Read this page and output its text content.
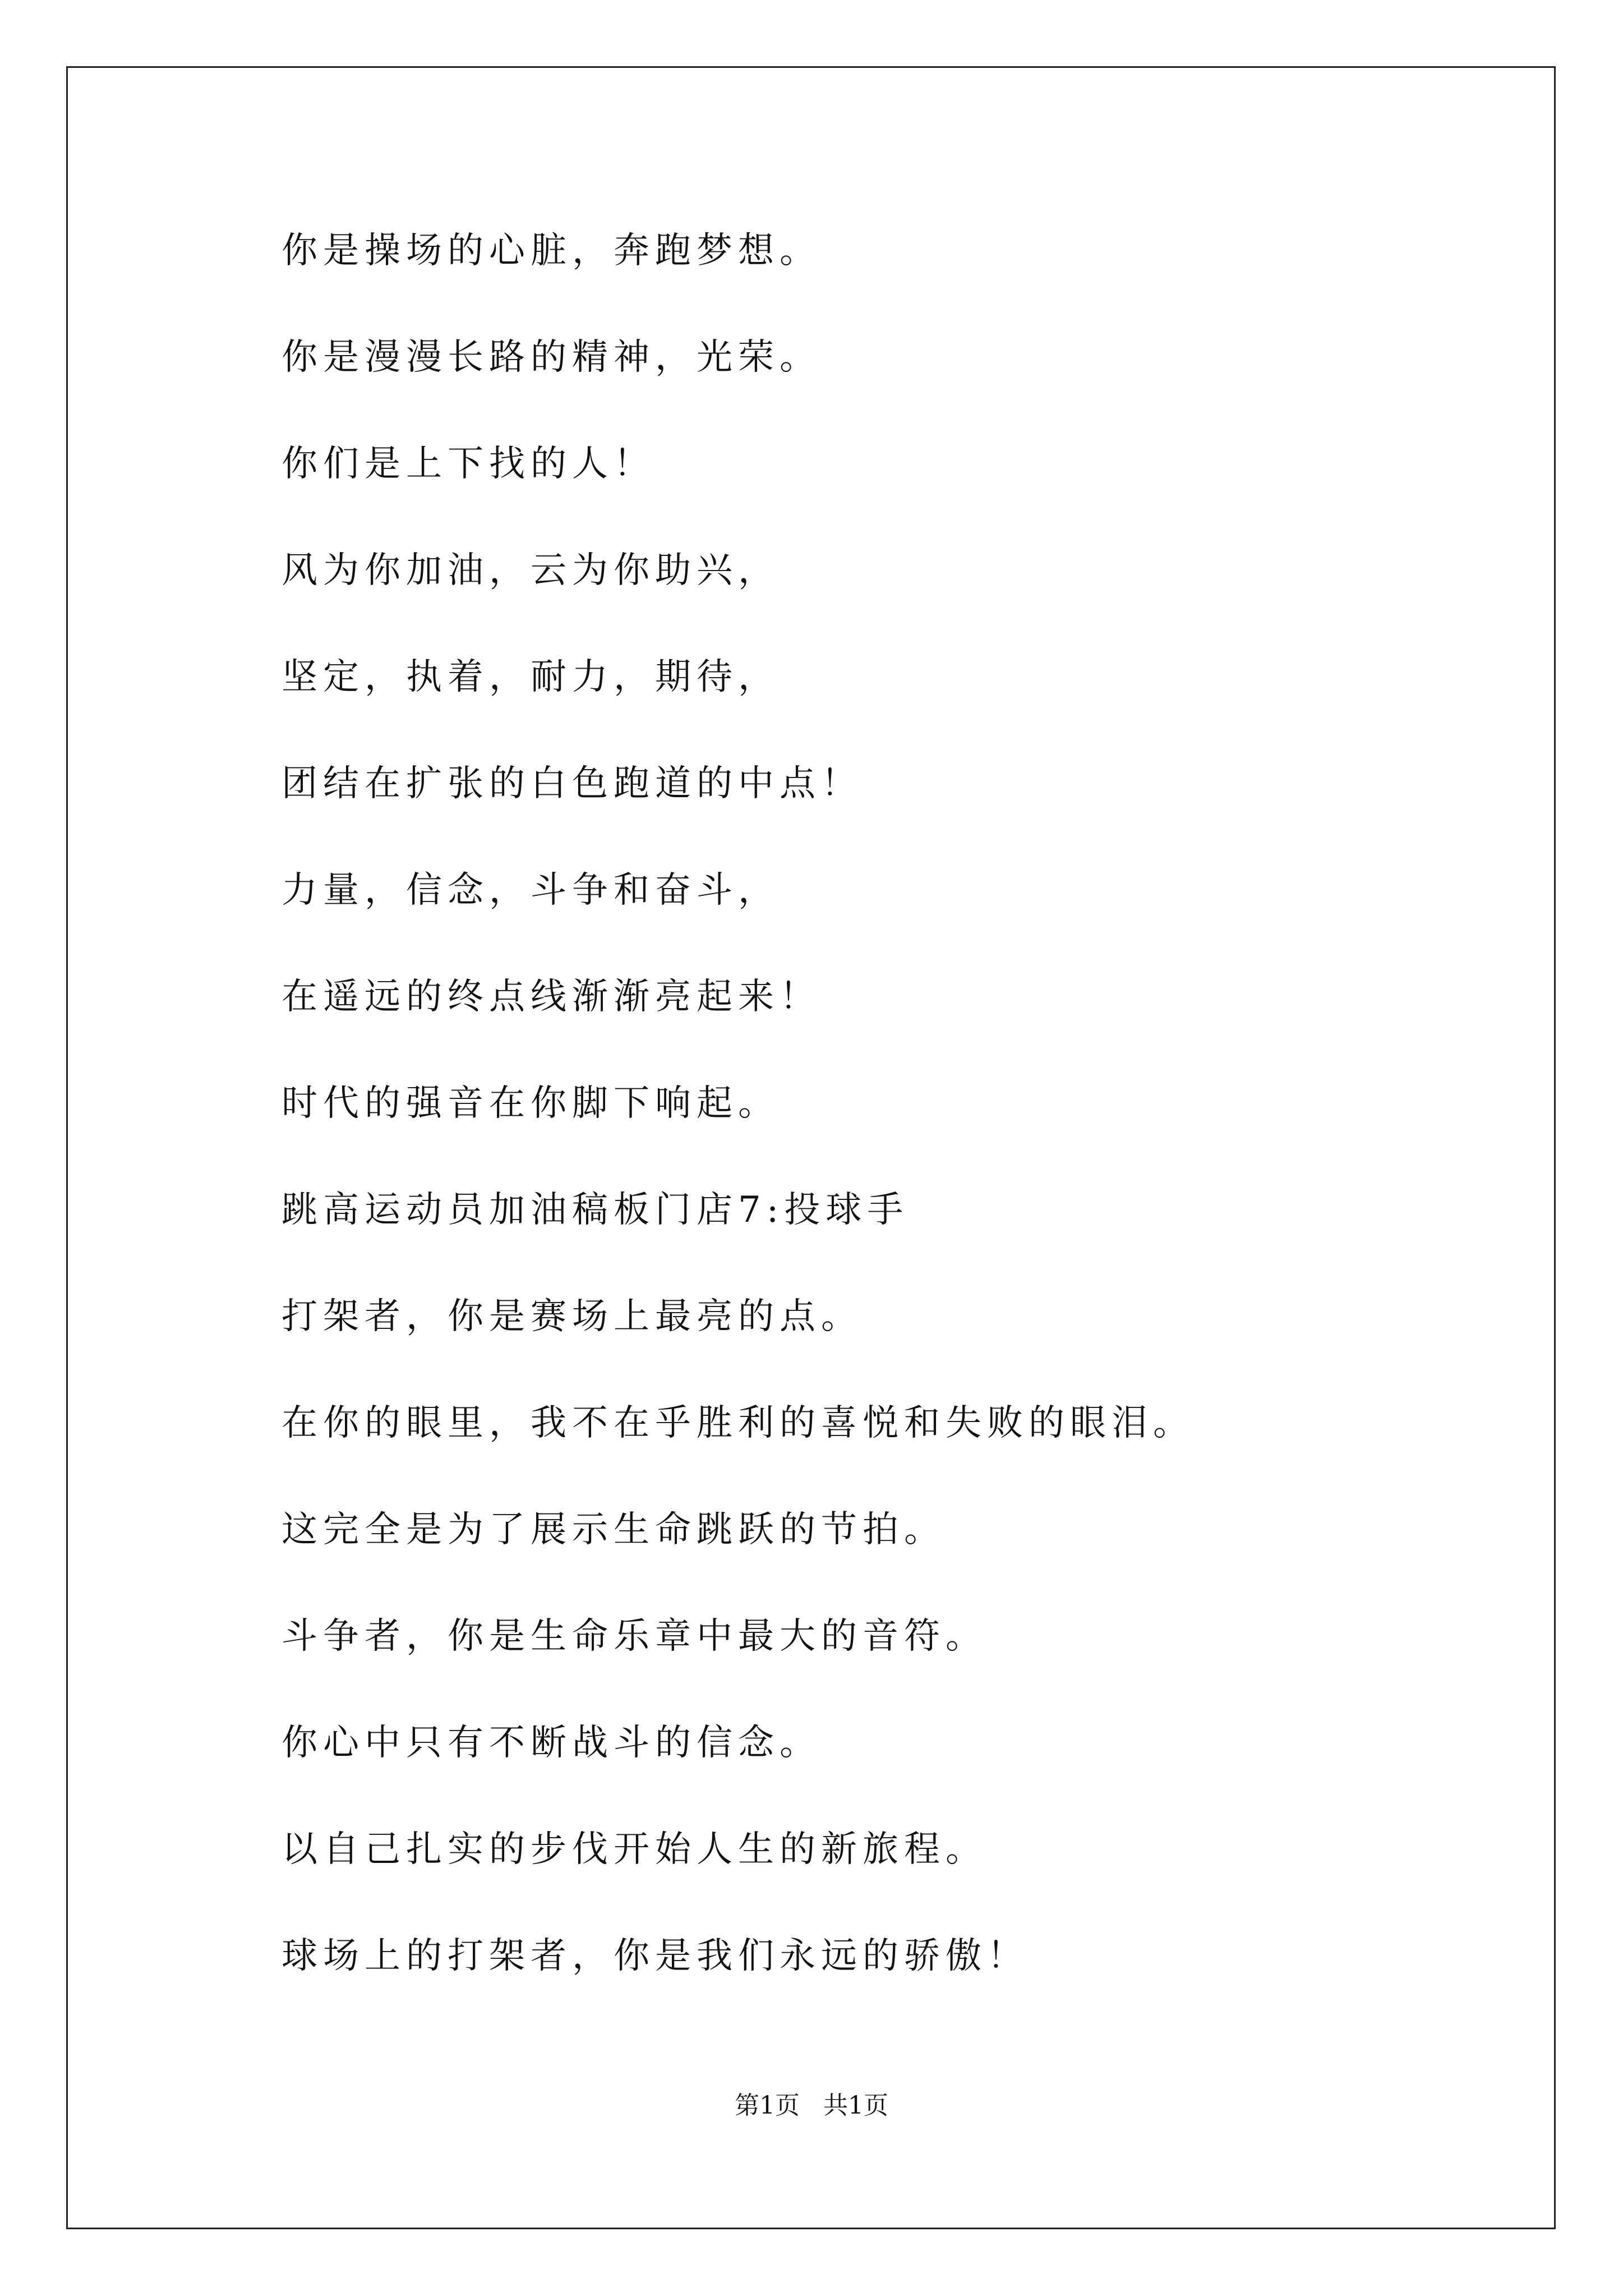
你是操场的心脏，奔跑梦想。
你是漫漫长路的精神，光荣。
你们是上下找的人！
风为你加油，云为你助兴，
坚定，执着，耐力，期待，
团结在扩张的白色跑道的中点！
力量，信念，斗争和奋斗，
在遥远的终点线渐渐亮起来！
时代的强音在你脚下响起。
跳高运动员加油稿板门店7:投球手
打架者，你是赛场上最亮的点。
在你的眼里，我不在乎胜利的喜悦和失败的眼泪。
这完全是为了展示生命跳跃的节拍。
斗争者，你是生命乐章中最大的音符。
你心中只有不断战斗的信念。
以自己扎实的步伐开始人生的新旅程。
球场上的打架者，你是我们永远的骄傲！
第1页   共1页
